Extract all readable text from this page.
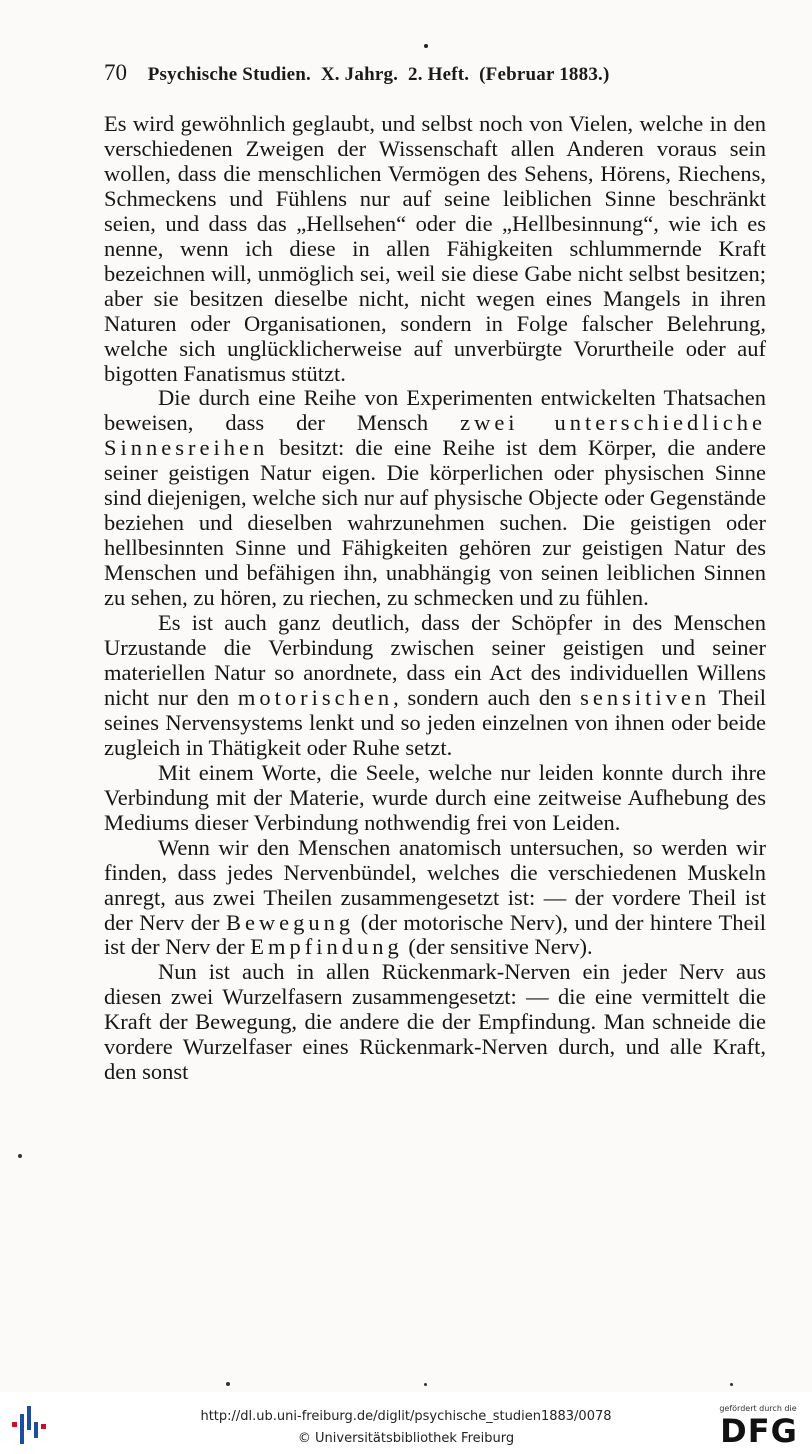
70 Psychische Studien.  X. Jahrg.  2. Heft.  (Februar 1883.)

Es wird gewöhnlich geglaubt, und selbst noch von Vielen, welche in den verschiedenen Zweigen der Wissenschaft allen Anderen voraus sein wollen, dass die menschlichen Vermögen des Sehens, Hörens, Riechens, Schmeckens und Fühlens nur auf seine leiblichen Sinne beschränkt seien, und dass das „Hellsehen“ oder die „Hellbesinnung“, wie ich es nenne, wenn ich diese in allen Fähigkeiten schlummernde Kraft bezeichnen will, unmöglich sei, weil sie diese Gabe nicht selbst besitzen; aber sie besitzen dieselbe nicht, nicht wegen eines Mangels in ihren Naturen oder Organisationen, sondern in Folge falscher Belehrung, welche sich unglücklicherweise auf unverbürgte Vorurtheile oder auf bigotten Fanatismus stützt.

Die durch eine Reihe von Experimenten entwickelten Thatsachen beweisen, dass der Mensch zwei unterschiedliche Sinnesreihen besitzt: die eine Reihe ist dem Körper, die andere seiner geistigen Natur eigen. Die körperlichen oder physischen Sinne sind diejenigen, welche sich nur auf physische Objecte oder Gegenstände beziehen und dieselben wahrzunehmen suchen. Die geistigen oder hellbesinnten Sinne und Fähigkeiten gehören zur geistigen Natur des Menschen und befähigen ihn, unabhängig von seinen leiblichen Sinnen zu sehen, zu hören, zu riechen, zu schmecken und zu fühlen.

Es ist auch ganz deutlich, dass der Schöpfer in des Menschen Urzustande die Verbindung zwischen seiner geistigen und seiner materiellen Natur so anordnete, dass ein Act des individuellen Willens nicht nur den motorischen, sondern auch den sensitiven Theil seines Nervensystems lenkt und so jeden einzelnen von ihnen oder beide zugleich in Thätigkeit oder Ruhe setzt.

Mit einem Worte, die Seele, welche nur leiden konnte durch ihre Verbindung mit der Materie, wurde durch eine zeitweise Aufhebung des Mediums dieser Verbindung nothwendig frei von Leiden.

Wenn wir den Menschen anatomisch untersuchen, so werden wir finden, dass jedes Nervenbündel, welches die verschiedenen Muskeln anregt, aus zwei Theilen zusammengesetzt ist: — der vordere Theil ist der Nerv der Bewegung (der motorische Nerv), und der hintere Theil ist der Nerv der Empfindung (der sensitive Nerv).

Nun ist auch in allen Rückenmark-Nerven ein jeder Nerv aus diesen zwei Wurzelfasern zusammengesetzt: — die eine vermittelt die Kraft der Bewegung, die andere die der Empfindung. Man schneide die vordere Wurzelfaser eines Rückenmark-Nerven durch, und alle Kraft, den sonst

http://dl.ub.uni-freiburg.de/diglit/psychische_studien1883/0078
© Universitätsbibliothek Freiburg
gefördert durch die
DFG
